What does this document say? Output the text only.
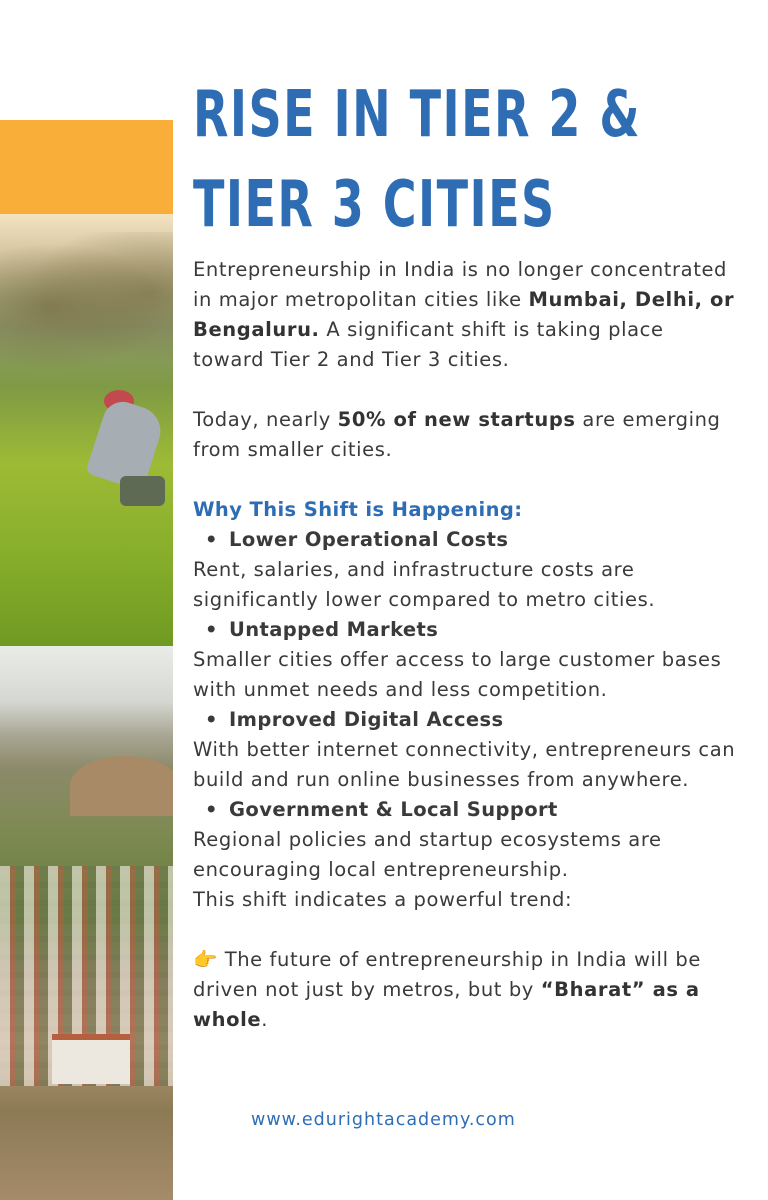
RISE IN TIER 2 &
TIER 3 CITIES

Entrepreneurship in India is no longer concentrated in major metropolitan cities like Mumbai, Delhi, or Bengaluru. A significant shift is taking place toward Tier 2 and Tier 3 cities.

Today, nearly 50% of new startups are emerging from smaller cities.

Why This Shift is Happening:

• Lower Operational Costs

Rent, salaries, and infrastructure costs are significantly lower compared to metro cities.

• Untapped Markets

Smaller cities offer access to large customer bases with unmet needs and less competition.

• Improved Digital Access

With better internet connectivity, entrepreneurs can build and run online businesses from anywhere.

• Government & Local Support

Regional policies and startup ecosystems are encouraging local entrepreneurship.

This shift indicates a powerful trend:

👉 The future of entrepreneurship in India will be driven not just by metros, but by “Bharat” as a whole.

www.edurightacademy.com
